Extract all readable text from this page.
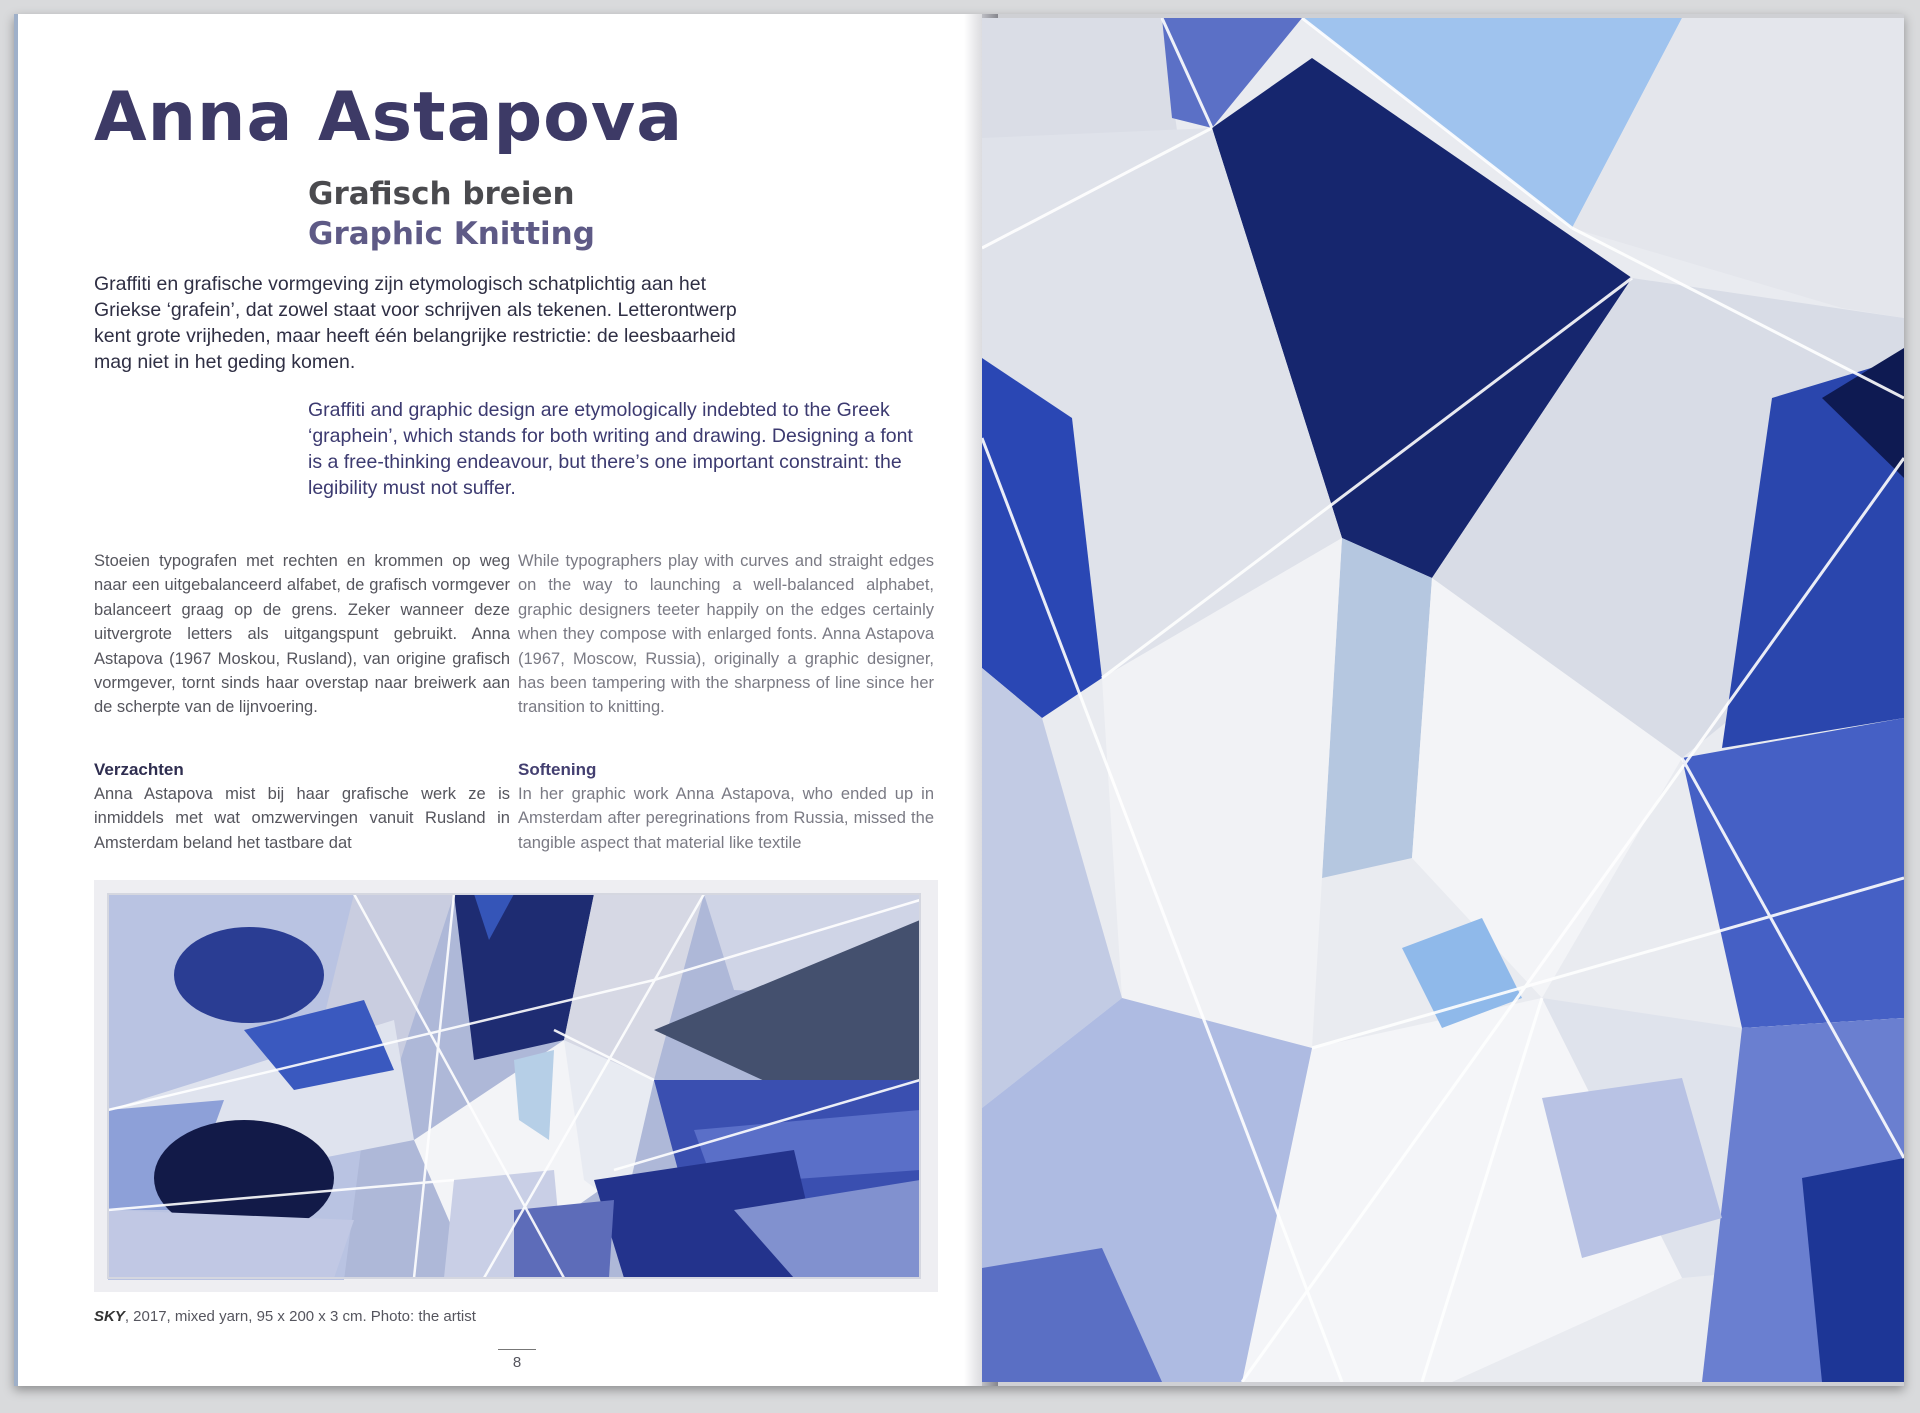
Anna Astapova
Grafisch breien
Graphic Knitting
Graffiti en grafische vormgeving zijn etymologisch schatplichtig aan het Griekse ‘grafein’, dat zowel staat voor schrijven als tekenen. Letterontwerp kent grote vrijheden, maar heeft één belangrijke restrictie: de leesbaarheid mag niet in het geding komen.
Graffiti and graphic design are etymologically indebted to the Greek ‘graphein’, which stands for both writing and drawing. Designing a font is a free-thinking endeavour, but there’s one important constraint: the legibility must not suffer.

Stoeien typografen met rechten en krommen op weg naar een uitgebalanceerd alfabet, de grafisch vormgever balanceert graag op de grens. Zeker wanneer deze uitvergrote letters als uitgangspunt gebruikt. Anna Astapova (1967 Moskou, Rusland), van origine grafisch vormgever, tornt sinds haar overstap naar breiwerk aan de scherpte van de lijnvoering.

Verzachten

Anna Astapova mist bij haar grafische werk ze is inmiddels met wat omzwervingen vanuit Rusland in Amsterdam beland het tastbare dat

While typographers play with curves and straight edges on the way to launching a well-balanced alphabet, graphic designers teeter happily on the edges certainly when they compose with enlarged fonts. Anna Astapova (1967, Moscow, Russia), originally a graphic designer, has been tampering with the sharpness of line since her transition to knitting.

Softening

In her graphic work Anna Astapova, who ended up in Amsterdam after peregrinations from Russia, missed the tangible aspect that material like textile

SKY, 2017, mixed yarn, 95 x 200 x 3 cm. Photo: the artist
8
